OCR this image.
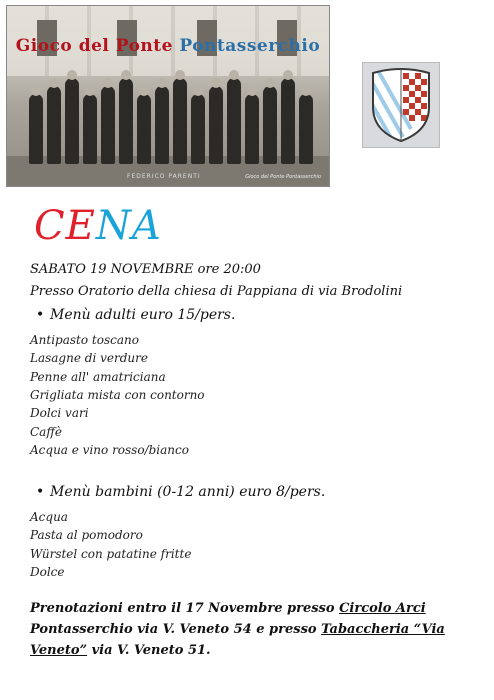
Gioco del Ponte Pontasserchio
FEDERICO PARENTI	Gioco del Ponte Pontasserchio
CENA
SABATO 19 NOVEMBRE ore 20:00
Presso Oratorio della chiesa di Pappiana di via Brodolini
• Menù adulti euro 15/pers.
Antipasto toscano
Lasagne di verdure
Penne all' amatriciana
Grigliata mista con contorno
Dolci vari
Caffè
Acqua e vino rosso/bianco
• Menù bambini (0-12 anni) euro 8/pers.
Acqua
Pasta al pomodoro
Würstel con patatine fritte
Dolce
Prenotazioni entro il 17 Novembre presso Circolo Arci
Pontasserchio via V. Veneto 54 e presso Tabaccheria “Via
Veneto” via V. Veneto 51.
